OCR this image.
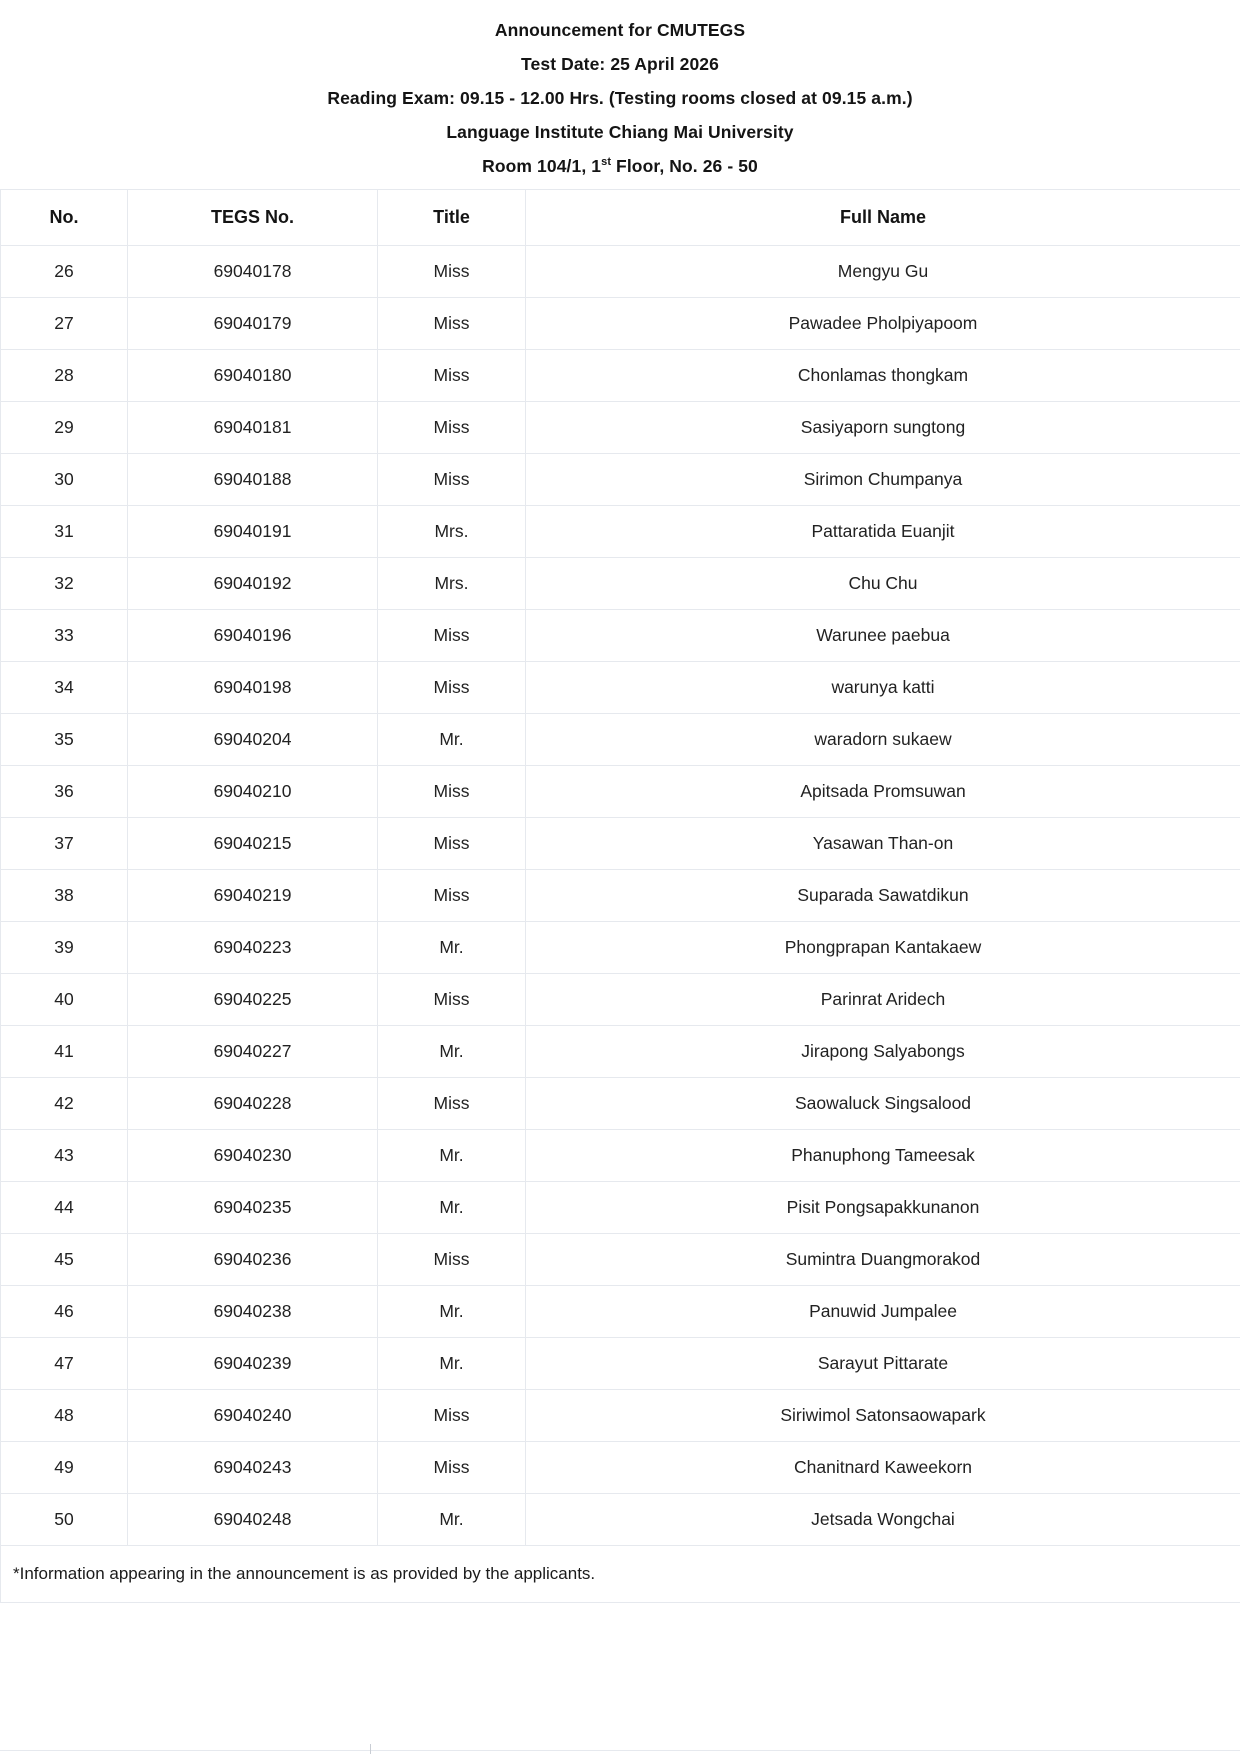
Announcement for CMUTEGS
Test Date: 25 April 2026
Reading Exam: 09.15 - 12.00 Hrs. (Testing rooms closed at 09.15 a.m.)
Language Institute Chiang Mai University
Room 104/1, 1st Floor, No. 26 - 50
No.	TEGS No.	Title	Full Name
26	69040178	Miss	Mengyu Gu
27	69040179	Miss	Pawadee Pholpiyapoom
28	69040180	Miss	Chonlamas thongkam
29	69040181	Miss	Sasiyaporn sungtong
30	69040188	Miss	Sirimon Chumpanya
31	69040191	Mrs.	Pattaratida Euanjit
32	69040192	Mrs.	Chu Chu
33	69040196	Miss	Warunee paebua
34	69040198	Miss	warunya katti
35	69040204	Mr.	waradorn sukaew
36	69040210	Miss	Apitsada Promsuwan
37	69040215	Miss	Yasawan Than-on
38	69040219	Miss	Suparada Sawatdikun
39	69040223	Mr.	Phongprapan Kantakaew
40	69040225	Miss	Parinrat Aridech
41	69040227	Mr.	Jirapong Salyabongs
42	69040228	Miss	Saowaluck Singsalood
43	69040230	Mr.	Phanuphong Tameesak
44	69040235	Mr.	Pisit Pongsapakkunanon
45	69040236	Miss	Sumintra Duangmorakod
46	69040238	Mr.	Panuwid Jumpalee
47	69040239	Mr.	Sarayut Pittarate
48	69040240	Miss	Siriwimol Satonsaowapark
49	69040243	Miss	Chanitnard Kaweekorn
50	69040248	Mr.	Jetsada Wongchai
*Information appearing in the announcement is as provided by the applicants.			
